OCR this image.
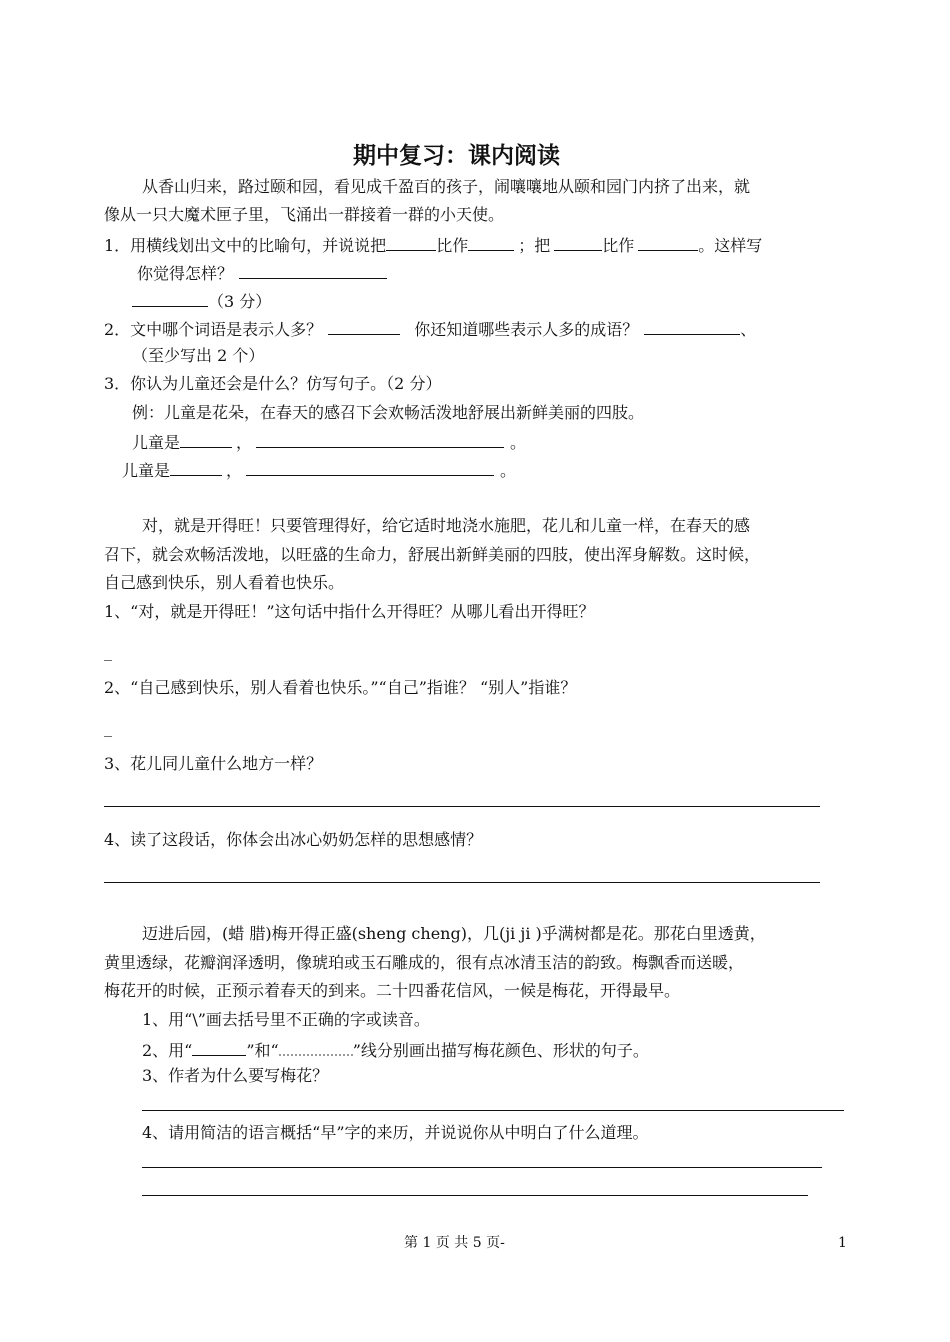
期中复习：课内阅读
从香山归来，路过颐和园，看见成千盈百的孩子，闹嚷嚷地从颐和园门内挤了出来，就
像从一只大魔术匣子里，飞涌出一群接着一群的小天使。
1．用横线划出文中的比喻句，并说说把	比作	；把	比作	。这样写
你觉得怎样？
（3 分）
2．文中哪个词语是表示人多？	你还知道哪些表示人多的成语？	、
（至少写出 2 个）
3．你认为儿童还会是什么？仿写句子。（2 分）
例：儿童是花朵，在春天的感召下会欢畅活泼地舒展出新鲜美丽的四肢。
儿童是	，	。
儿童是	，	。
对，就是开得旺！只要管理得好，给它适时地浇水施肥，花儿和儿童一样，在春天的感
召下，就会欢畅活泼地，以旺盛的生命力，舒展出新鲜美丽的四肢，使出浑身解数。这时候，
自己感到快乐，别人看着也快乐。
1、“对，就是开得旺！”这句话中指什么开得旺？从哪儿看出开得旺？
_
2、“自己感到快乐，别人看着也快乐。”“自己”指谁？ “别人”指谁？
_
3、花儿同儿童什么地方一样？
4、读了这段话，你体会出冰心奶奶怎样的思想感情？
迈进后园，(蜡 腊)梅开得正盛(sheng cheng)，几(ji ji )乎满树都是花。那花白里透黄，
黄里透绿，花瓣润泽透明，像琥珀或玉石雕成的，很有点冰清玉洁的韵致。梅飘香而送暖，
梅花开的时候，正预示着春天的到来。二十四番花信风，一候是梅花，开得最早。
1、用“\”画去括号里不正确的字或读音。
2、用“	”和“	”线分别画出描写梅花颜色、形状的句子。
3、作者为什么要写梅花？
4、请用简洁的语言概括“早”字的来历，并说说你从中明白了什么道理。
第 1 页 共 5 页-	1
